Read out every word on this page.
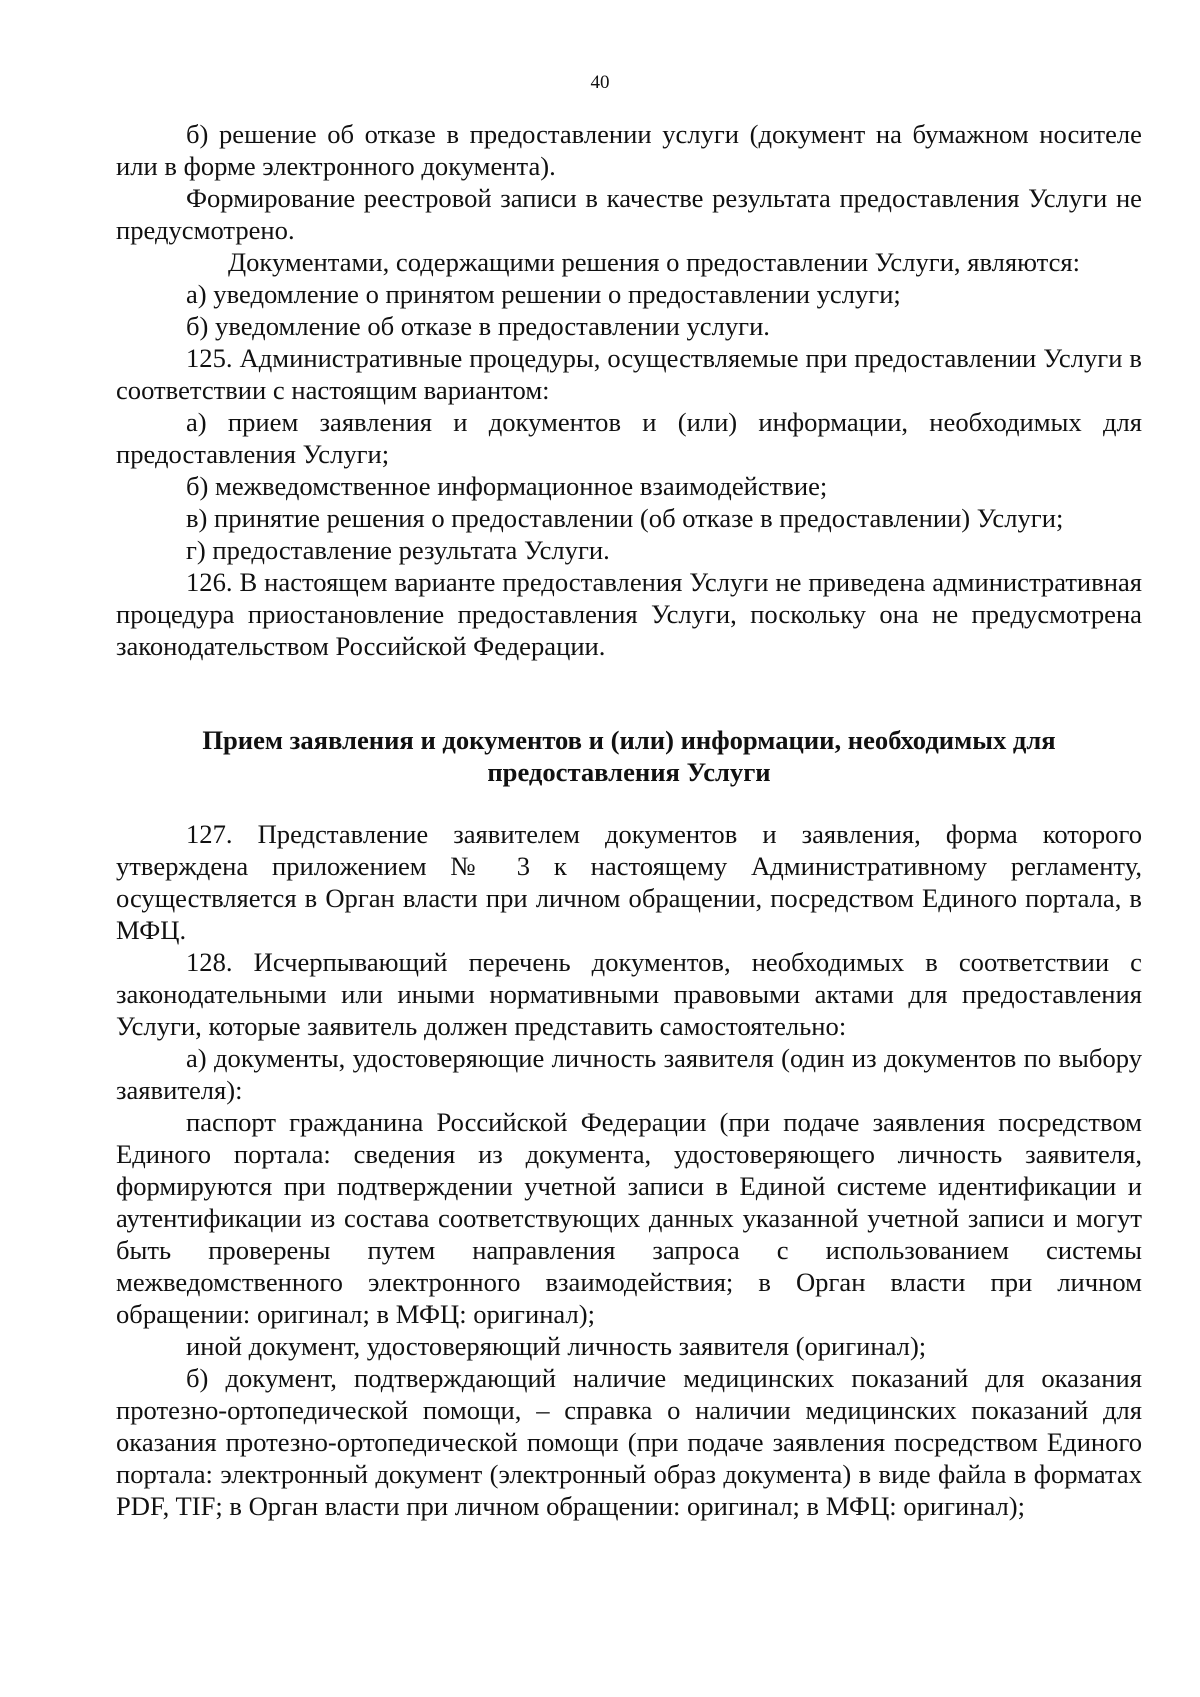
40

б) решение об отказе в предоставлении услуги (документ на бумажном носителе или в форме электронного документа).

Формирование реестровой записи в качестве результата предоставления Услуги не предусмотрено.

Документами, содержащими решения о предоставлении Услуги, являются:

а) уведомление о принятом решении о предоставлении услуги;

б) уведомление об отказе в предоставлении услуги.

125. Административные процедуры, осуществляемые при предоставлении Услуги в соответствии с настоящим вариантом:

а) прием заявления и документов и (или) информации, необходимых для предоставления Услуги;

б) межведомственное информационное взаимодействие;

в) принятие решения о предоставлении (об отказе в предоставлении) Услуги;

г) предоставление результата Услуги.

126. В настоящем варианте предоставления Услуги не приведена административная процедура приостановление предоставления Услуги, поскольку она не предусмотрена законодательством Российской Федерации.

Прием заявления и документов и (или) информации, необходимых для предоставления Услуги

127. Представление заявителем документов и заявления, форма которого утверждена приложением № 3 к настоящему Административному регламенту, осуществляется в Орган власти при личном обращении, посредством Единого портала, в МФЦ.

128. Исчерпывающий перечень документов, необходимых в соответствии с законодательными или иными нормативными правовыми актами для предоставления Услуги, которые заявитель должен представить самостоятельно:

а) документы, удостоверяющие личность заявителя (один из документов по выбору заявителя):

паспорт гражданина Российской Федерации (при подаче заявления посредством Единого портала: сведения из документа, удостоверяющего личность заявителя, формируются при подтверждении учетной записи в Единой системе идентификации и аутентификации из состава соответствующих данных указанной учетной записи и могут быть проверены путем направления запроса с использованием системы межведомственного электронного взаимодействия; в Орган власти при личном обращении: оригинал; в МФЦ: оригинал);

иной документ, удостоверяющий личность заявителя (оригинал);

б) документ, подтверждающий наличие медицинских показаний для оказания протезно-ортопедической помощи, – справка о наличии медицинских показаний для оказания протезно-ортопедической помощи (при подаче заявления посредством Единого портала: электронный документ (электронный образ документа) в виде файла в форматах PDF, TIF; в Орган власти при личном обращении: оригинал; в МФЦ: оригинал);
